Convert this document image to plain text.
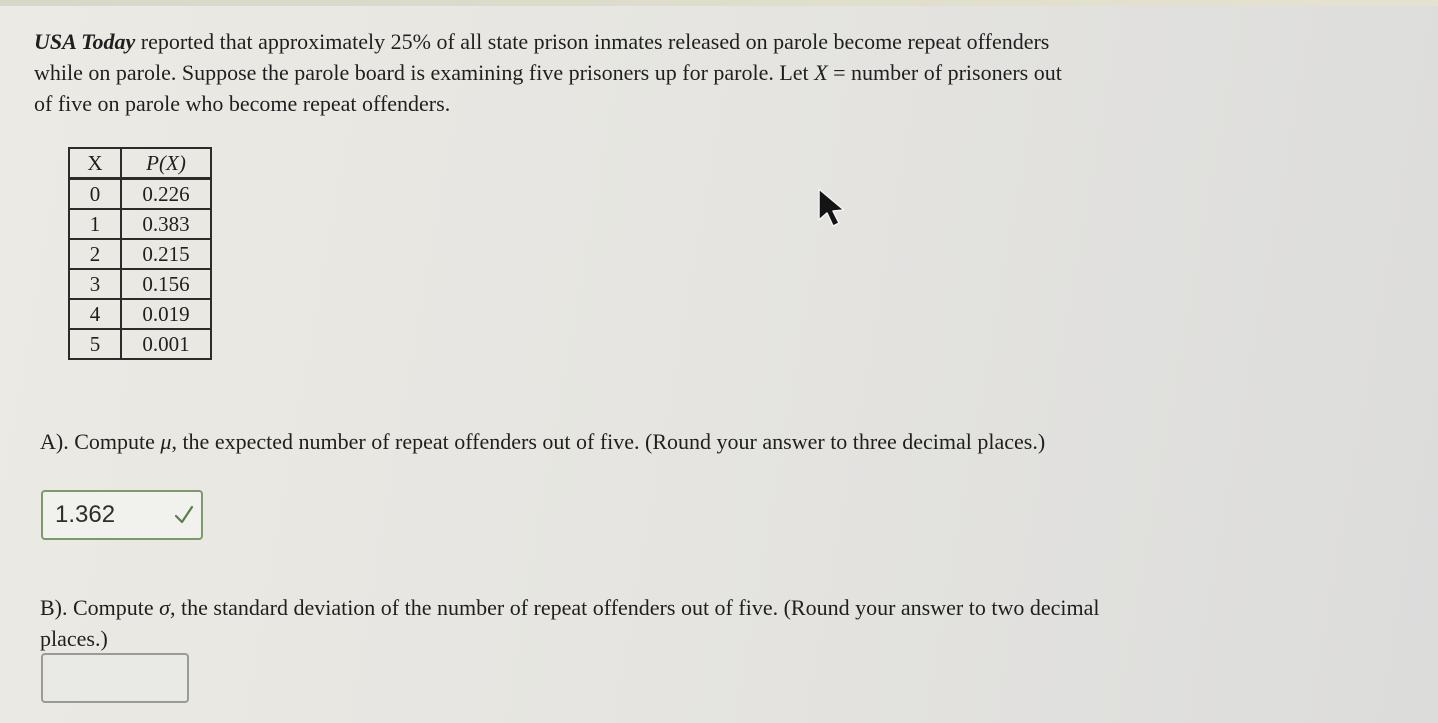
USA Today reported that approximately 25% of all state prison inmates released on parole become repeat offenders while on parole. Suppose the parole board is examining five prisoners up for parole. Let X = number of prisoners out of five on parole who become repeat offenders.
X	P(X)
0	0.226
1	0.383
2	0.215
3	0.156
4	0.019
5	0.001
A). Compute μ, the expected number of repeat offenders out of five. (Round your answer to three decimal places.)
1.362
B). Compute σ, the standard deviation of the number of repeat offenders out of five. (Round your answer to two decimal places.)
